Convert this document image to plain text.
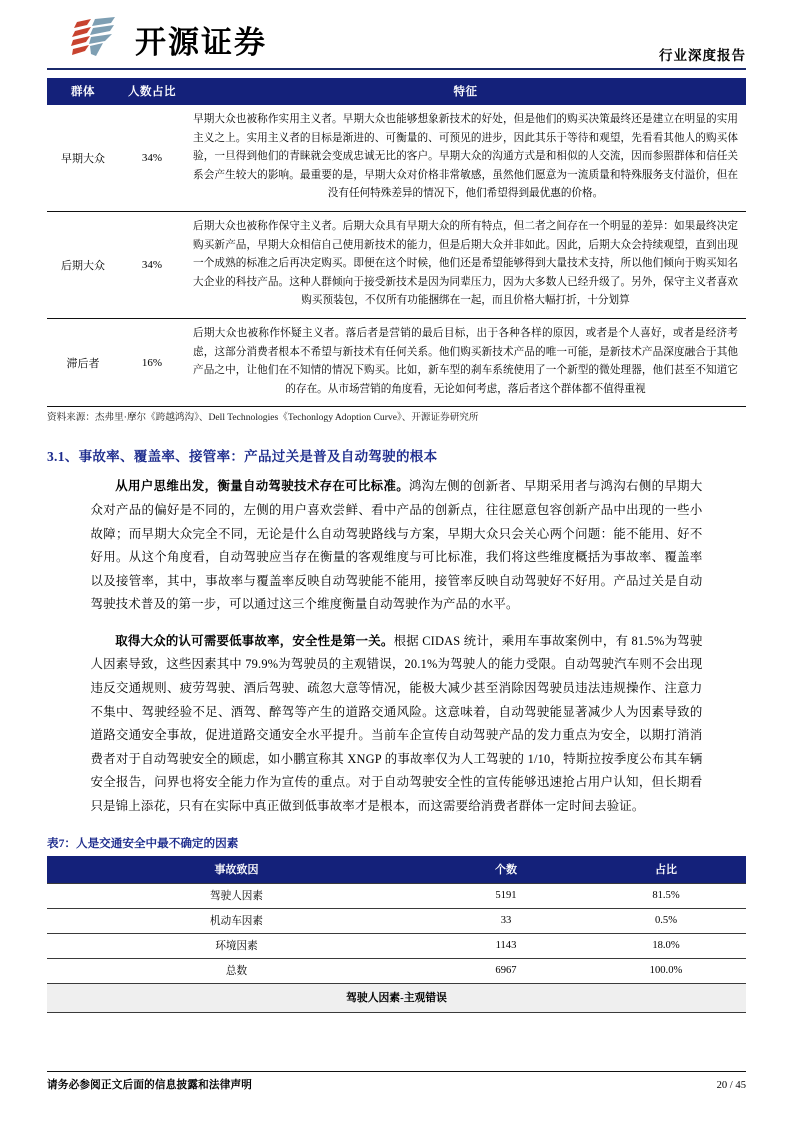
开源证券	行业深度报告
群体	人数占比	特征
早期大众	34%	早期大众也被称作实用主义者。早期大众也能够想象新技术的好处，但是他们的购买决策最终还是建立在明显的实用主义之上。实用主义者的目标是渐进的、可衡量的、可预见的进步，因此其乐于等待和观望，先看看其他人的购买体验，一旦得到他们的青睐就会变成忠诚无比的客户。早期大众的沟通方式是和相似的人交流，因而参照群体和信任关系会产生较大的影响。最重要的是，早期大众对价格非常敏感，虽然他们愿意为一流质量和特殊服务支付溢价，但在没有任何特殊差异的情况下，他们希望得到最优惠的价格。
后期大众	34%	后期大众也被称作保守主义者。后期大众具有早期大众的所有特点，但二者之间存在一个明显的差异：如果最终决定购买新产品，早期大众相信自己使用新技术的能力，但是后期大众并非如此。因此，后期大众会持续观望，直到出现一个成熟的标准之后再决定购买。即便在这个时候，他们还是希望能够得到大量技术支持，所以他们倾向于购买知名大企业的科技产品。这种人群倾向于接受新技术是因为同辈压力，因为大多数人已经升级了。另外，保守主义者喜欢购买预装包，不仅所有功能捆绑在一起，而且价格大幅打折，十分划算
滞后者	16%	后期大众也被称作怀疑主义者。落后者是营销的最后目标，出于各种各样的原因，或者是个人喜好，或者是经济考虑，这部分消费者根本不希望与新技术有任何关系。他们购买新技术产品的唯一可能，是新技术产品深度融合于其他产品之中，让他们在不知情的情况下购买。比如，新车型的刹车系统使用了一个新型的微处理器，他们甚至不知道它的存在。从市场营销的角度看，无论如何考虑，落后者这个群体都不值得重视
资料来源：杰弗里·摩尔《跨越鸿沟》、Dell Technologies《Techonlogy Adoption Curve》、开源证券研究所
3.1、事故率、覆盖率、接管率：产品过关是普及自动驾驶的根本

从用户思维出发，衡量自动驾驶技术存在可比标准。鸿沟左侧的创新者、早期采用者与鸿沟右侧的早期大众对产品的偏好是不同的，左侧的用户喜欢尝鲜、看中产品的创新点，往往愿意包容创新产品中出现的一些小故障；而早期大众完全不同，无论是什么自动驾驶路线与方案，早期大众只会关心两个问题：能不能用、好不好用。从这个角度看，自动驾驶应当存在衡量的客观维度与可比标准，我们将这些维度概括为事故率、覆盖率以及接管率，其中，事故率与覆盖率反映自动驾驶能不能用，接管率反映自动驾驶好不好用。产品过关是自动驾驶技术普及的第一步，可以通过这三个维度衡量自动驾驶作为产品的水平。

取得大众的认可需要低事故率，安全性是第一关。根据 CIDAS 统计，乘用车事故案例中，有 81.5%为驾驶人因素导致，这些因素其中 79.9%为驾驶员的主观错误，20.1%为驾驶人的能力受限。自动驾驶汽车则不会出现违反交通规则、疲劳驾驶、酒后驾驶、疏忽大意等情况，能极大减少甚至消除因驾驶员违法违规操作、注意力不集中、驾驶经验不足、酒驾、醉驾等产生的道路交通风险。这意味着，自动驾驶能显著减少人为因素导致的道路交通安全事故，促进道路交通安全水平提升。当前车企宣传自动驾驶产品的发力重点为安全，以期打消消费者对于自动驾驶安全的顾虑，如小鹏宣称其 XNGP 的事故率仅为人工驾驶的 1/10，特斯拉按季度公布其车辆安全报告，问界也将安全能力作为宣传的重点。对于自动驾驶安全性的宣传能够迅速抢占用户认知，但长期看只是锦上添花，只有在实际中真正做到低事故率才是根本，而这需要给消费者群体一定时间去验证。

表7：人是交通安全中最不确定的因素
事故致因	个数	占比
驾驶人因素	5191	81.5%
机动车因素	33	0.5%
环境因素	1143	18.0%
总数	6967	100.0%
驾驶人因素-主观错误		
请务必参阅正文后面的信息披露和法律声明	20 / 45
